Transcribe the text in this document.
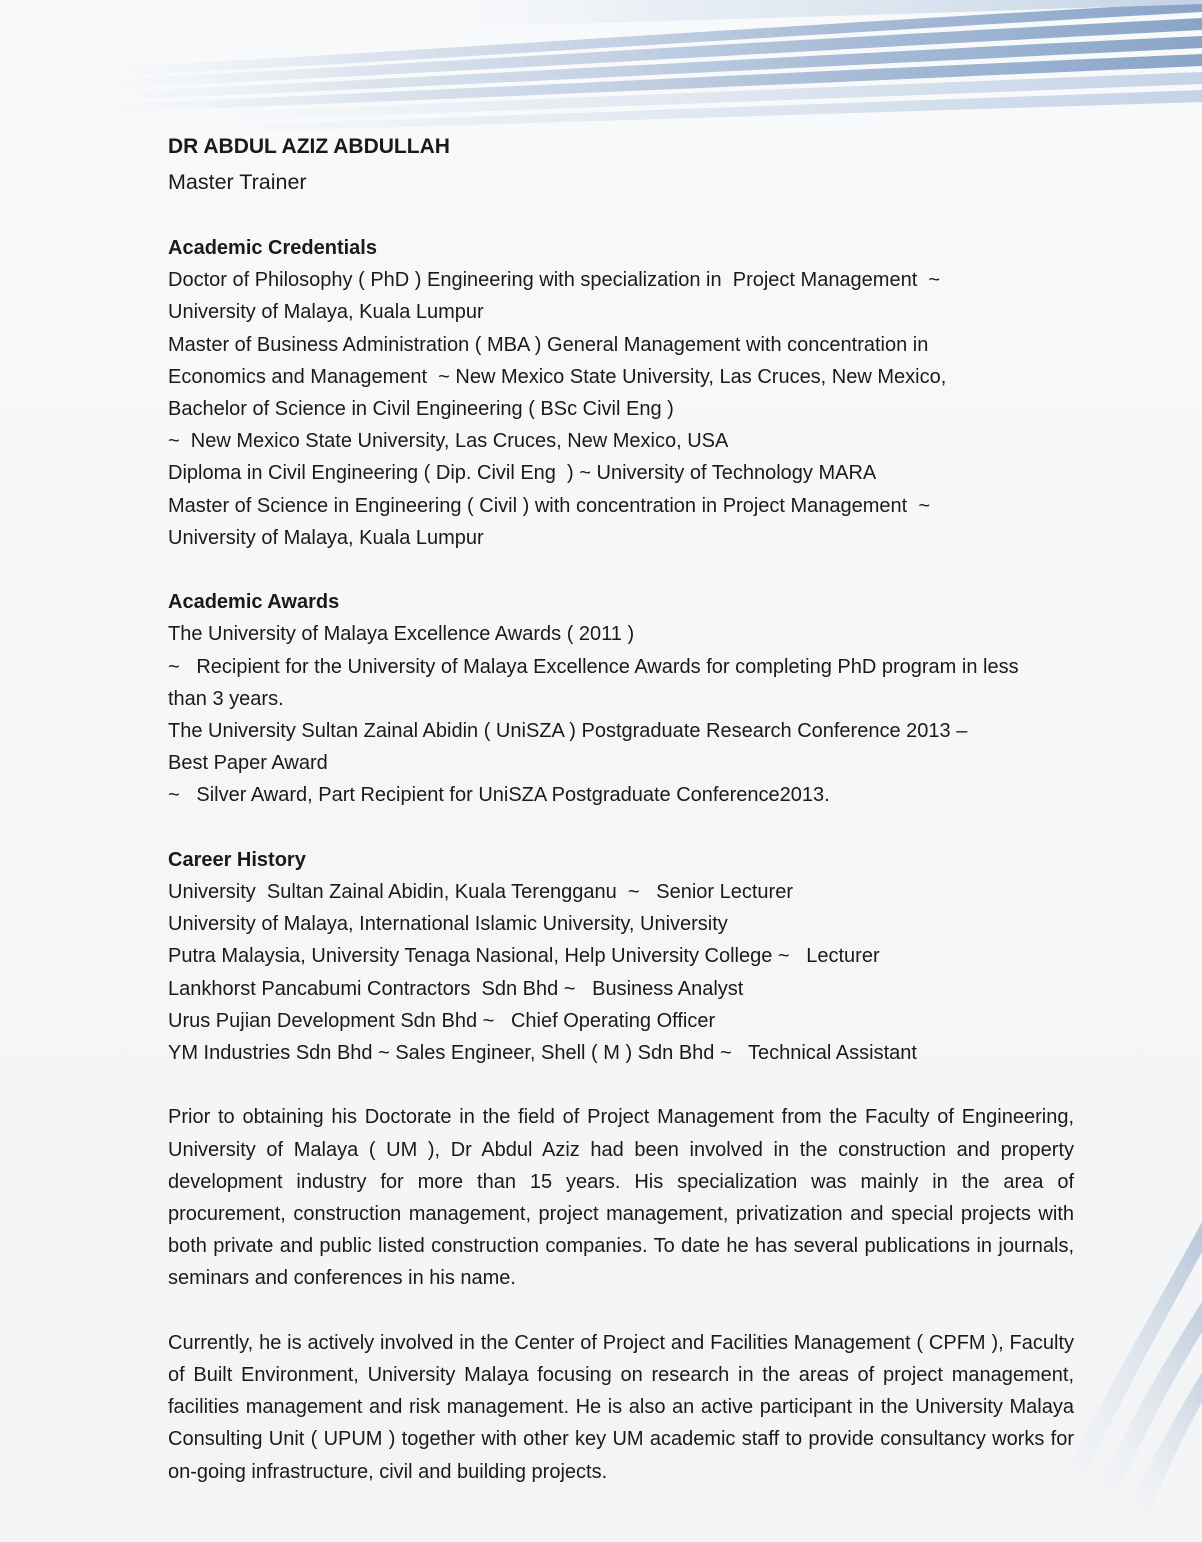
DR ABDUL AZIZ ABDULLAH

Master Trainer

Academic Credentials

Doctor of Philosophy ( PhD ) Engineering with specialization in  Project Management  ~

University of Malaya, Kuala Lumpur

Master of Business Administration ( MBA ) General Management with concentration in

Economics and Management  ~ New Mexico State University, Las Cruces, New Mexico,

Bachelor of Science in Civil Engineering ( BSc Civil Eng )

~  New Mexico State University, Las Cruces, New Mexico, USA

Diploma in Civil Engineering ( Dip. Civil Eng  ) ~ University of Technology MARA

Master of Science in Engineering ( Civil ) with concentration in Project Management  ~

University of Malaya, Kuala Lumpur

Academic Awards

The University of Malaya Excellence Awards ( 2011 )

~   Recipient for the University of Malaya Excellence Awards for completing PhD program in less

than 3 years.

The University Sultan Zainal Abidin ( UniSZA ) Postgraduate Research Conference 2013 –

Best Paper Award

~   Silver Award, Part Recipient for UniSZA Postgraduate Conference2013.

Career History

University  Sultan Zainal Abidin, Kuala Terengganu  ~   Senior Lecturer

University of Malaya, International Islamic University, University

Putra Malaysia, University Tenaga Nasional, Help University College ~   Lecturer

Lankhorst Pancabumi Contractors  Sdn Bhd ~   Business Analyst

Urus Pujian Development Sdn Bhd ~   Chief Operating Officer

YM Industries Sdn Bhd ~ Sales Engineer, Shell ( M ) Sdn Bhd ~   Technical Assistant

Prior to obtaining his Doctorate in the field of Project Management from the Faculty of Engineering, University of Malaya ( UM ), Dr Abdul Aziz had been involved in the construction and property development industry for more than 15 years. His specialization was mainly in the area of procurement, construction management, project management, privatization and special projects with both private and public listed construction companies. To date he has several publications in journals, seminars and conferences in his name.

Currently, he is actively involved in the Center of Project and Facilities Management ( CPFM ), Faculty of Built Environment, University Malaya focusing on research in the areas of project management, facilities management and risk management. He is also an active participant in the University Malaya Consulting Unit ( UPUM ) together with other key UM academic staff to provide consultancy works for on-going infrastructure, civil and building projects.
